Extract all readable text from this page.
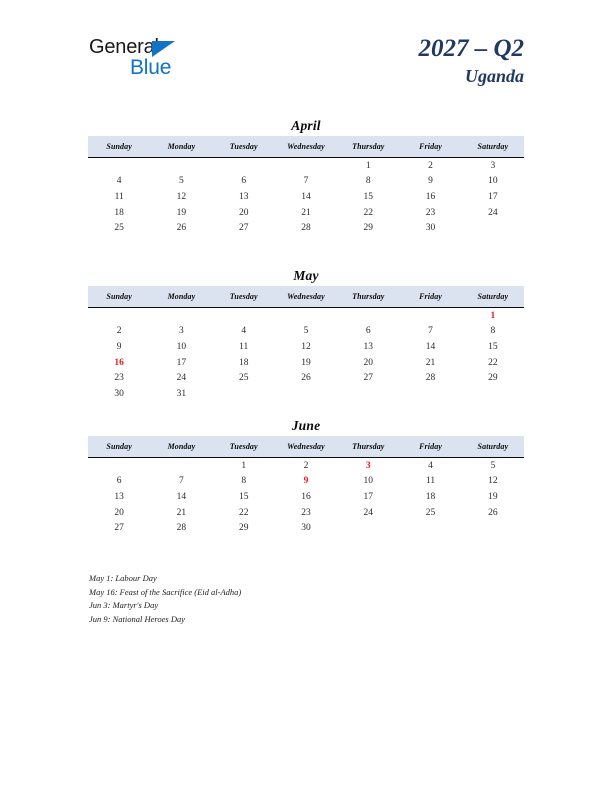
General
Blue
2027 – Q2
Uganda
April
Sunday	Monday	Tuesday	Wednesday	Thursday	Friday	Saturday
				1	2	3
4	5	6	7	8	9	10
11	12	13	14	15	16	17
18	19	20	21	22	23	24
25	26	27	28	29	30	
May
Sunday	Monday	Tuesday	Wednesday	Thursday	Friday	Saturday
						1
2	3	4	5	6	7	8
9	10	11	12	13	14	15
16	17	18	19	20	21	22
23	24	25	26	27	28	29
30	31					
June
Sunday	Monday	Tuesday	Wednesday	Thursday	Friday	Saturday
		1	2	3	4	5
6	7	8	9	10	11	12
13	14	15	16	17	18	19
20	21	22	23	24	25	26
27	28	29	30			
May 1: Labour Day
May 16: Feast of the Sacrifice (Eid al-Adha)
Jun 3: Martyr's Day
Jun 9: National Heroes Day
